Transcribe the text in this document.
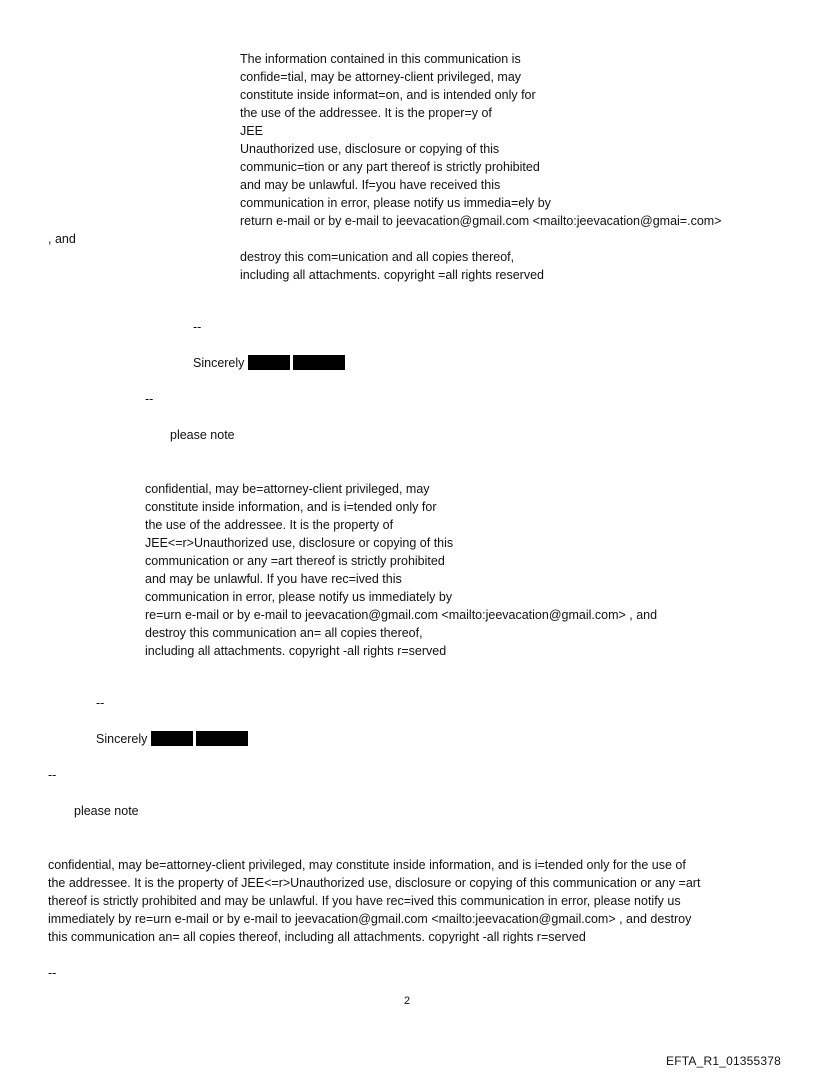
The information contained in this communication is
confide=tial, may be attorney-client privileged, may
constitute inside informat=on, and is intended only for
the use of the addressee. It is the proper=y of
JEE
Unauthorized use, disclosure or copying of this
communic=tion or any part thereof is strictly prohibited
and may be unlawful. If=you have received this
communication in error, please notify us immedia=ely by
return e-mail or by e-mail to jeevacation@gmail.com <mailto:jeevacation@gmai=.com>
, and
destroy this com=unication and all copies thereof,
including all attachments. copyright =all rights reserved
--
Sincerely
--
please note
confidential, may be=attorney-client privileged, may
constitute inside information, and is i=tended only for
the use of the addressee. It is the property of
JEE<=r>Unauthorized use, disclosure or copying of this
communication or any =art thereof is strictly prohibited
and may be unlawful. If you have rec=ived this
communication in error, please notify us immediately by
re=urn e-mail or by e-mail to jeevacation@gmail.com <mailto:jeevacation@gmail.com> , and
destroy this communication an= all copies thereof,
including all attachments. copyright -all rights r=served
--
Sincerely
--
please note
confidential, may be=attorney-client privileged, may constitute inside information, and is i=tended only for the use of
the addressee. It is the property of JEE<=r>Unauthorized use, disclosure or copying of this communication or any =art
thereof is strictly prohibited and may be unlawful. If you have rec=ived this communication in error, please notify us
immediately by re=urn e-mail or by e-mail to jeevacation@gmail.com <mailto:jeevacation@gmail.com> , and destroy
this communication an= all copies thereof, including all attachments. copyright -all rights r=served
--
2
EFTA_R1_01355378
